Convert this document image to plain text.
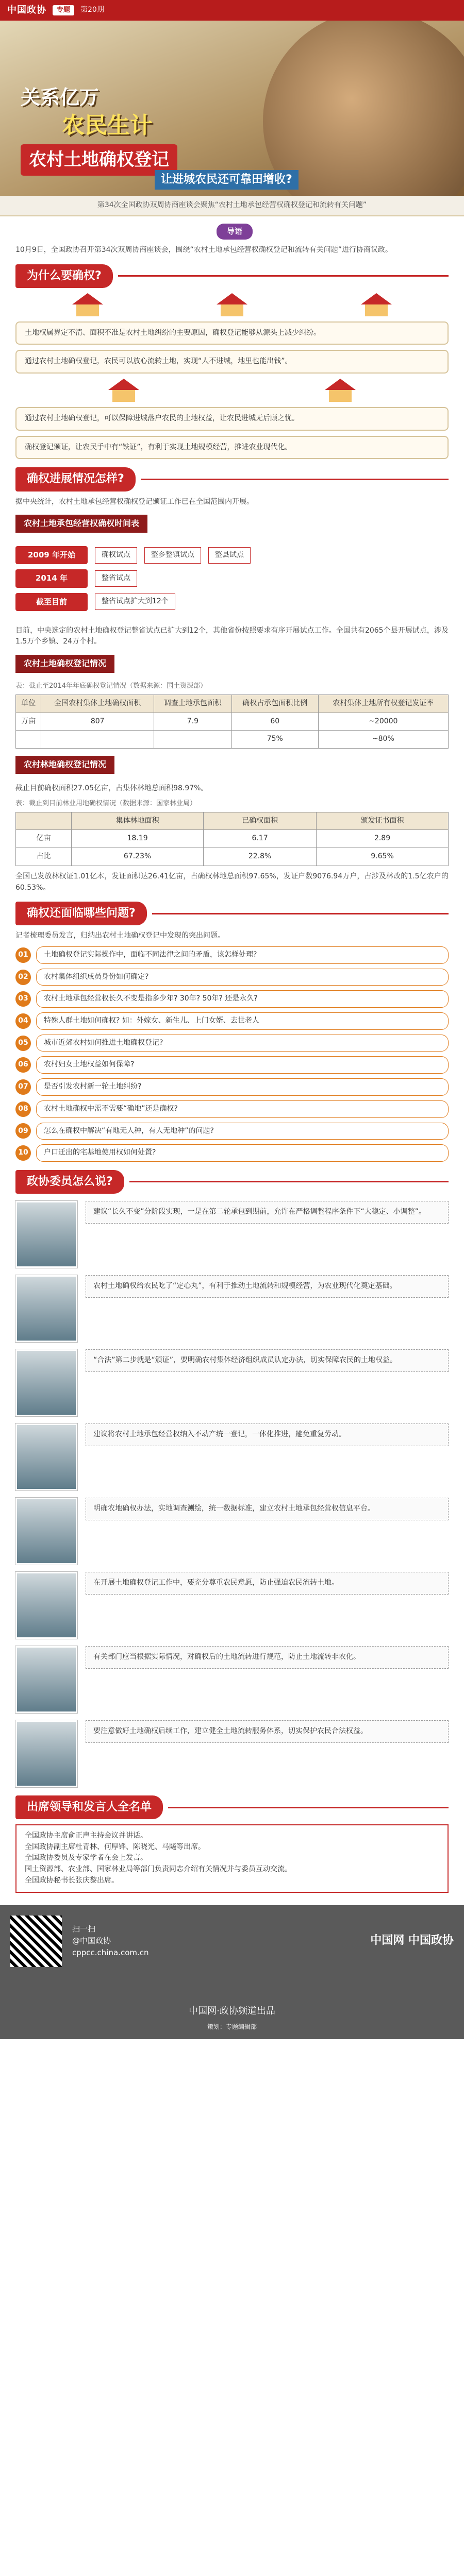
中国政协	专题	第20期
关系亿万
农民生计
农村土地确权登记
让进城农民还可靠田增收?
第34次全国政协双周协商座谈会聚焦“农村土地承包经营权确权登记和流转有关问题”
导语

10月9日，全国政协召开第34次双周协商座谈会，围绕“农村土地承包经营权确权登记和流转有关问题”进行协商议政。

为什么要确权?
土地权属界定不清、面积不准是农村土地纠纷的主要原因，确权登记能够从源头上减少纠纷。
通过农村土地确权登记，农民可以放心流转土地，实现“人不进城，地里也能出钱”。
通过农村土地确权登记，可以保障进城落户农民的土地权益，让农民进城无后顾之忧。
确权登记颁证，让农民手中有“铁证”，有利于实现土地规模经营，推进农业现代化。
确权进展情况怎样?

据中央统计，农村土地承包经营权确权登记颁证工作已在全国范围内开展。

农村土地承包经营权确权时间表
2009 年开始	确权试点	整乡整镇试点	整县试点
2014 年	整省试点
截至目前	整省试点扩大到12个

目前，中央选定的农村土地确权登记整省试点已扩大到12个，其他省份按照要求有序开展试点工作。全国共有2065个县开展试点，涉及1.5万个乡镇、24万个村。

农村土地确权登记情况
表：截止至2014年年底确权登记情况（数据来源：国土资源部）
单位	全国农村集体土地确权面积	调查土地承包面积	确权占承包面积比例	农村集体土地所有权登记发证率
万亩	807	7.9	60	~20000
			75%	~80%
农村林地确权登记情况

截止目前确权面积27.05亿亩，占集体林地总面积98.97%。

表：截止到目前林业用地确权情况（数据来源：国家林业局）
	集体林地面积	已确权面积	颁发证书面积
亿亩	18.19	6.17	2.89
占比	67.23%	22.8%	9.65%

全国已发放林权证1.01亿本，发证面积达26.41亿亩，占确权林地总面积97.65%，发证户数9076.94万户，占涉及林改的1.5亿农户的60.53%。

确权还面临哪些问题?

记者梳理委员发言，归纳出农村土地确权登记中发现的突出问题。

01	土地确权登记实际操作中，面临不同法律之间的矛盾，该怎样处理?
02	农村集体组织成员身份如何确定?
03	农村土地承包经营权长久不变是指多少年? 30年? 50年? 还是永久?
04	特殊人群土地如何确权? 如：外嫁女、新生儿、上门女婿、去世老人
05	城市近郊农村如何推进土地确权登记?
06	农村妇女土地权益如何保障?
07	是否引发农村新一轮土地纠纷?
08	农村土地确权中需不需要“确地”还是确权?
09	怎么在确权中解决“有地无人种，有人无地种”的问题?
10	户口迁出的宅基地使用权如何处置?
政协委员怎么说?
建议“长久不变”分阶段实现，一是在第二轮承包到期前，允许在严格调整程序条件下“大稳定、小调整”。
农村土地确权给农民吃了“定心丸”，有利于推动土地流转和规模经营，为农业现代化奠定基础。
“合法”第二步就是“颁证”，要明确农村集体经济组织成员认定办法，切实保障农民的土地权益。
建议将农村土地承包经营权纳入不动产统一登记，一体化推进，避免重复劳动。
明确农地确权办法，实地调查测绘，统一数据标准，建立农村土地承包经营权信息平台。
在开展土地确权登记工作中，要充分尊重农民意愿，防止强迫农民流转土地。
有关部门应当根据实际情况，对确权后的土地流转进行规范，防止土地流转非农化。
要注意做好土地确权后续工作，建立健全土地流转服务体系，切实保护农民合法权益。
出席领导和发言人全名单

全国政协主席俞正声主持会议并讲话。

全国政协副主席杜青林、何厚铧、陈晓光、马飚等出席。

全国政协委员及专家学者在会上发言。

国土资源部、农业部、国家林业局等部门负责同志介绍有关情况并与委员互动交流。

全国政协秘书长张庆黎出席。

扫一扫
@中国政协
cppcc.china.com.cn
中国网 中国政协
中国网·政协频道出品
策划：专题编辑部
